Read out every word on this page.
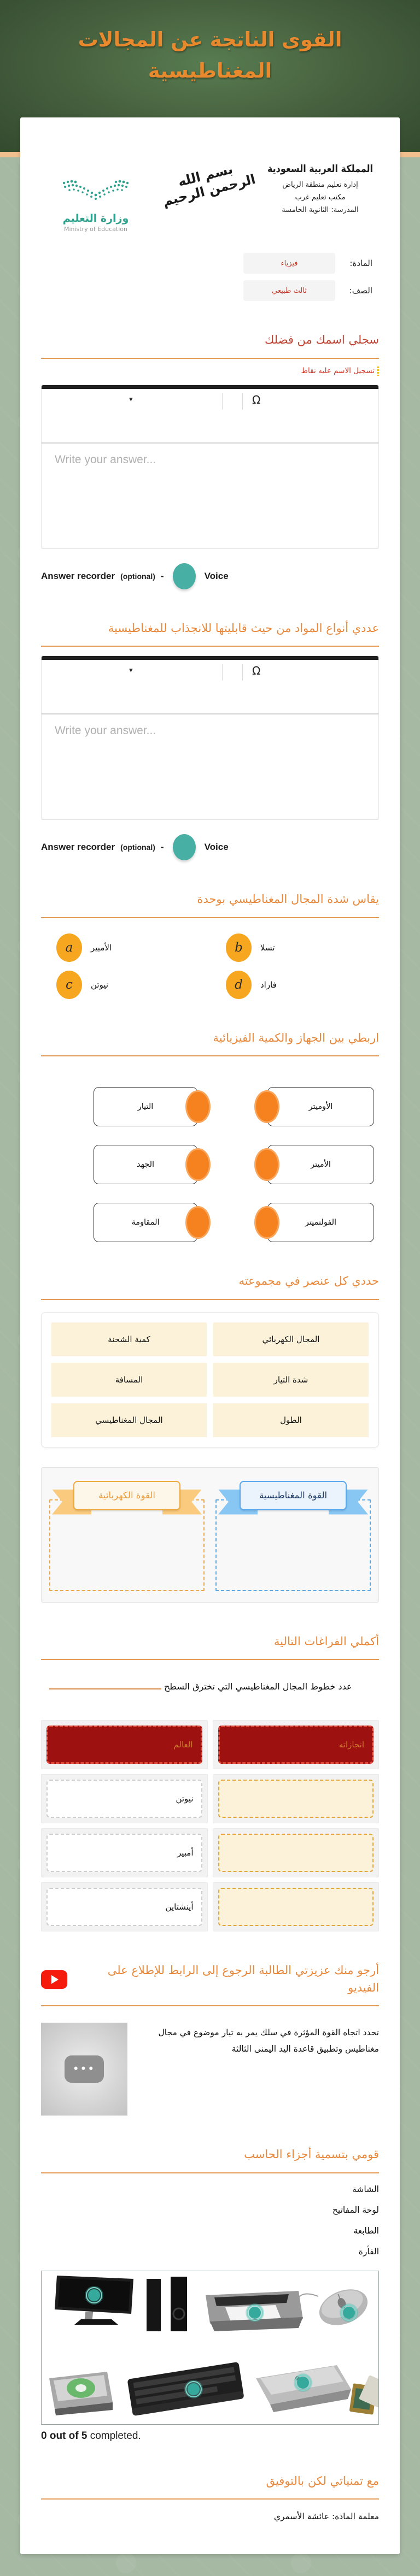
القوى الناتجة عن المجالات
المغناطيسية
المملكة العربية السعودية
إدارة تعليم منطقة الرياض
مكتب تعليم غرب
المدرسة: الثانوية الخامسة
بسم الله الرحمن الرحيم
وزارة التعليم
Ministry of Education
المادة:
فيزياء
الصف:
ثالث طبيعي
سجلي اسمك من فضلك
تسجيل الاسم عليه نقاط
▾	Ω
Write your answer...
Answer recorder (optional) -	Voice
عددي أنواع المواد من حيث قابليتها للانجذاب للمغناطيسية
▾	Ω
Write your answer...
Answer recorder (optional) -	Voice
يقاس شدة المجال المغناطيسي بوحدة
a	الأمبير	b	تسلا
c	نيوتن	d	فاراد
اربطي بين الجهاز والكمية الفيزيائية
التيار	الأوميتر
الجهد	الأميتر
المقاومة	الفولتميتر
حددي كل عنصر في مجموعته
المجال الكهربائي
كمية الشحنة
شدة التيار
المسافة
الطول
المجال المغناطيسي
القوة المغناطيسية
القوة الكهربائية
أكملي الفراغات التالية
عدد خطوط المجال المغناطيسي التي تخترق السطح
العالم	انجازاته
نيوتن
أمبير
أينشتاين
أرجو منك عزيزتي الطالبة الرجوع إلى الرابط للإطلاع على الفيديو
•••
تحدد اتجاه القوة المؤثرة في سلك يمر به تيار موضوع في مجال مغناطيس وتطبيق قاعدة اليد اليمنى الثالثة
قومي بتسمية أجزاء الحاسب
الشاشة
لوحة المفاتيح
الطابعة
الفأرة
0 out of 5 completed.
مع تمنياتي لكن بالتوفيق
معلمة المادة: عائشة الأسمري
